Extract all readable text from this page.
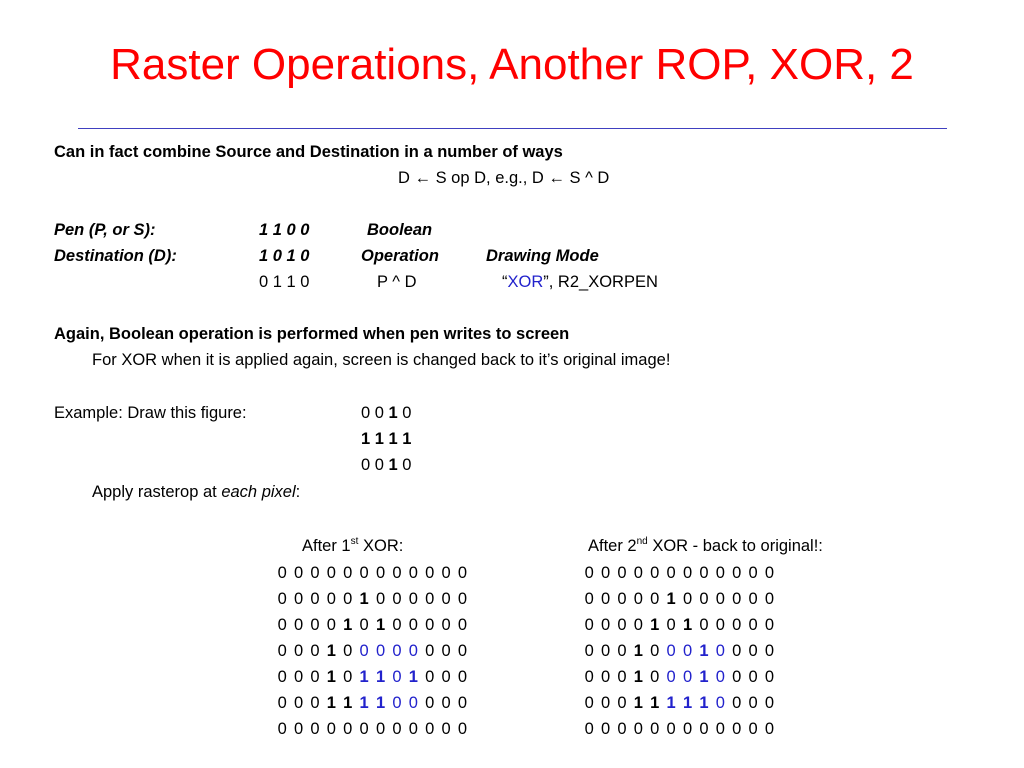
Raster Operations, Another ROP, XOR, 2
Can in fact combine Source and Destination in a number of ways
D ← S op D, e.g., D ← S ^ D
Pen (P, or S):	1 1 0 0	Boolean
Destination (D):	1 0 1 0	Operation	Drawing Mode
0 1 1 0	P ^ D	“XOR”, R2_XORPEN
Again, Boolean operation is performed when pen writes to screen
For XOR when it is applied again, screen is changed back to it’s original image!
Example: Draw this figure:	0 0 1 0
1 1 1 1
0 0 1 0
Apply rasterop at each pixel:
After 1st XOR:
0 0 0 0 0 0 0 0 0 0 0 0
0 0 0 0 0 1 0 0 0 0 0 0
0 0 0 0 1 0 1 0 0 0 0 0
0 0 0 1 0 0 0 0 0 0 0 0
0 0 0 1 0 1 1 0 1 0 0 0
0 0 0 1 1 1 1 0 0 0 0 0
0 0 0 0 0 0 0 0 0 0 0 0
After 2nd XOR - back to original!:
0 0 0 0 0 0 0 0 0 0 0 0
0 0 0 0 0 1 0 0 0 0 0 0
0 0 0 0 1 0 1 0 0 0 0 0
0 0 0 1 0 0 0 1 0 0 0 0
0 0 0 1 0 0 0 1 0 0 0 0
0 0 0 1 1 1 1 1 0 0 0 0
0 0 0 0 0 0 0 0 0 0 0 0
